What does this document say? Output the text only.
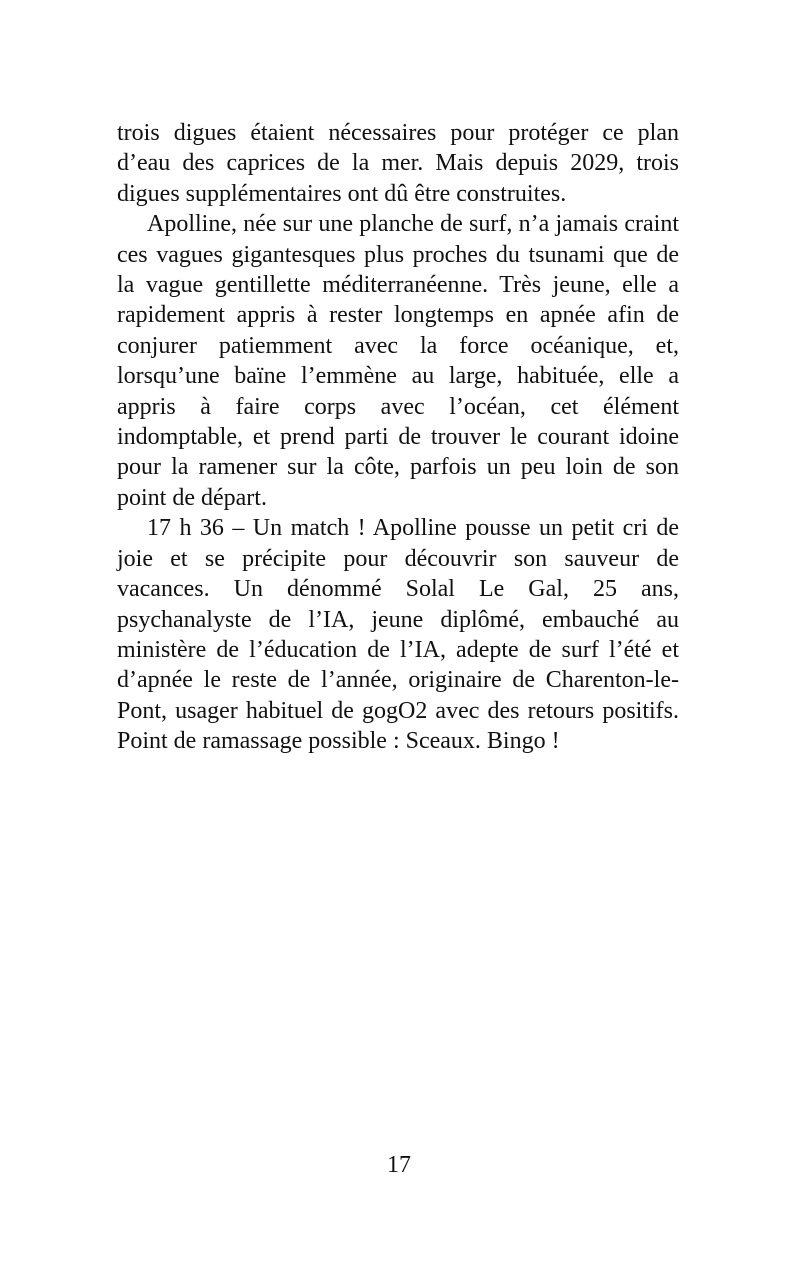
trois digues étaient nécessaires pour protéger ce plan d’eau des caprices de la mer. Mais depuis 2029, trois digues supplémentaires ont dû être construites.

Apolline, née sur une planche de surf, n’a jamais craint ces vagues gigantesques plus proches du tsunami que de la vague gentillette méditerranéenne. Très jeune, elle a rapidement appris à rester longtemps en apnée afin de conjurer patiemment avec la force océanique, et, lorsqu’une baïne l’emmène au large, habituée, elle a appris à faire corps avec l’océan, cet élément indomptable, et prend parti de trouver le courant idoine pour la ramener sur la côte, parfois un peu loin de son point de départ.

17 h 36 – Un match ! Apolline pousse un petit cri de joie et se précipite pour découvrir son sauveur de vacances. Un dénommé Solal Le Gal, 25 ans, psychanalyste de l’IA, jeune diplômé, embauché au ministère de l’éducation de l’IA, adepte de surf l’été et d’apnée le reste de l’année, originaire de Charenton-le-Pont, usager habituel de gogO2 avec des retours positifs. Point de ramassage possible : Sceaux. Bingo !

17
